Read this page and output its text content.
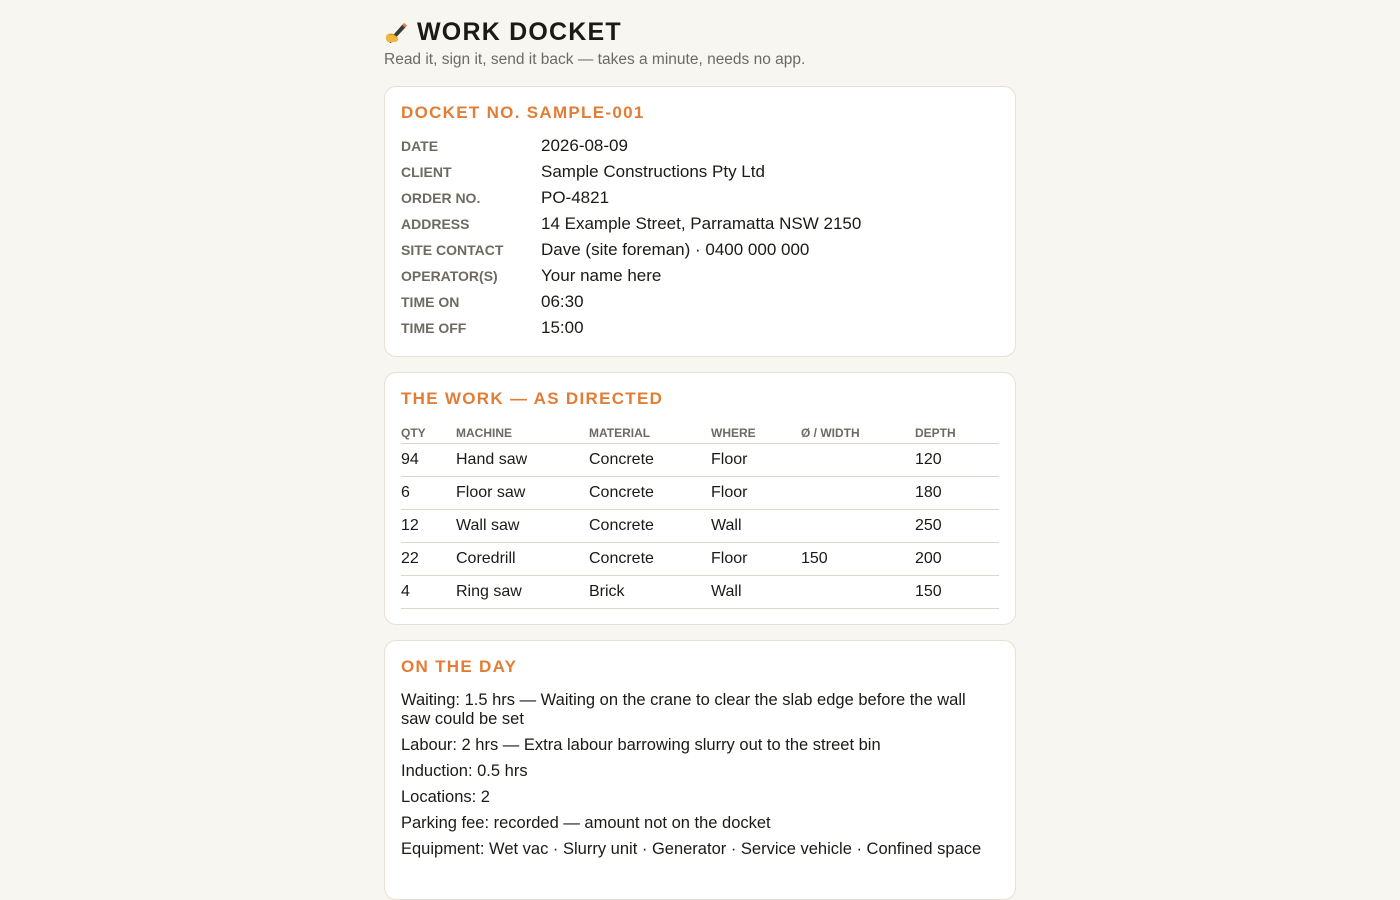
WORK DOCKET

Read it, sign it, send it back — takes a minute, needs no app.

DOCKET NO. SAMPLE-001
DATE	2026-08-09
CLIENT	Sample Constructions Pty Ltd
ORDER NO.	PO-4821
ADDRESS	14 Example Street, Parramatta NSW 2150
SITE CONTACT	Dave (site foreman) · 0400 000 000
OPERATOR(S)	Your name here
TIME ON	06:30
TIME OFF	15:00
THE WORK — AS DIRECTED
QTY	MACHINE	MATERIAL	WHERE	Ø / WIDTH	DEPTH
94	Hand saw	Concrete	Floor		120
6	Floor saw	Concrete	Floor		180
12	Wall saw	Concrete	Wall		250
22	Coredrill	Concrete	Floor	150	200
4	Ring saw	Brick	Wall		150
ON THE DAY

Waiting: 1.5 hrs — Waiting on the crane to clear the slab edge before the wall saw could be set

Labour: 2 hrs — Extra labour barrowing slurry out to the street bin

Induction: 0.5 hrs

Locations: 2

Parking fee: recorded — amount not on the docket

Equipment: Wet vac · Slurry unit · Generator · Service vehicle · Confined space
